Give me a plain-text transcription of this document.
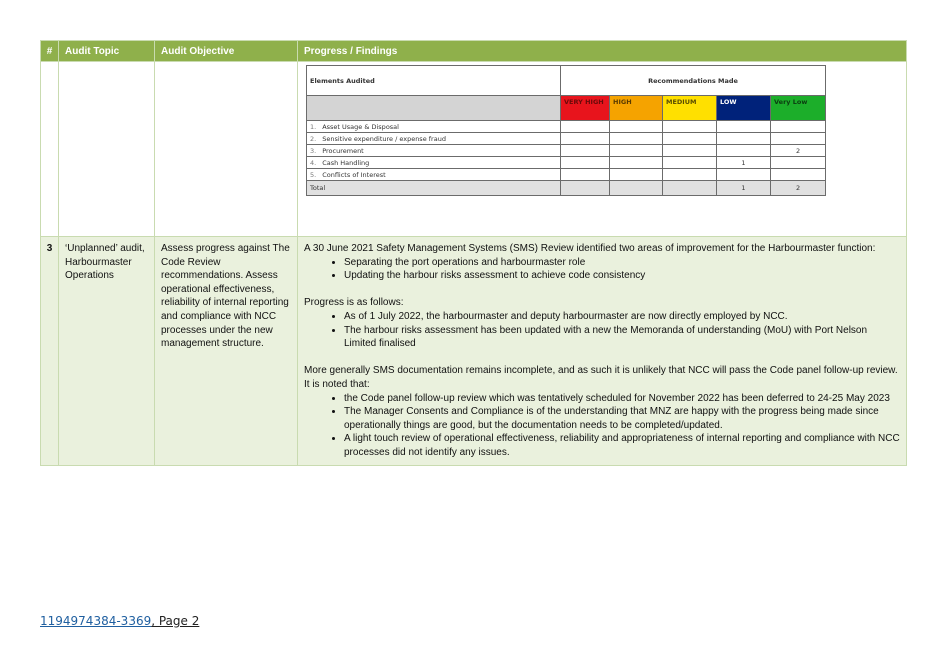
#	Audit Topic	Audit Objective	Progress / Findings

Elements Audited	Recommendations Made
	VERY HIGH	HIGH	MEDIUM	LOW	Very Low
1. Asset Usage & Disposal					
2. Sensitive expenditure / expense fraud					
3. Procurement					2
4. Cash Handling				1	
5. Conflicts of Interest					
Total				1	2

3	‘Unplanned’ audit, Harbourmaster Operations	Assess progress against The Code Review recommendations. Assess operational effectiveness, reliability of internal reporting and compliance with NCC processes under the new management structure.	
A 30 June 2021 Safety Management Systems (SMS) Review identified two areas of improvement for the Harbourmaster function:
• Separating the port operations and harbourmaster role
• Updating the harbour risks assessment to achieve code consistency
Progress is as follows:
• As of 1 July 2022, the harbourmaster and deputy harbourmaster are now directly employed by NCC.
• The harbour risks assessment has been updated with a new the Memoranda of understanding (MoU) with Port Nelson Limited finalised
More generally SMS documentation remains incomplete, and as such it is unlikely that NCC will pass the Code panel follow-up review. It is noted that:
• the Code panel follow-up review which was tentatively scheduled for November 2022 has been deferred to 24-25 May 2023
• The Manager Consents and Compliance is of the understanding that MNZ are happy with the progress being made since operationally things are good, but the documentation needs to be completed/updated.
• A light touch review of operational effectiveness, reliability and appropriateness of internal reporting and compliance with NCC processes did not identify any issues.
1194974384-3369, Page 2
